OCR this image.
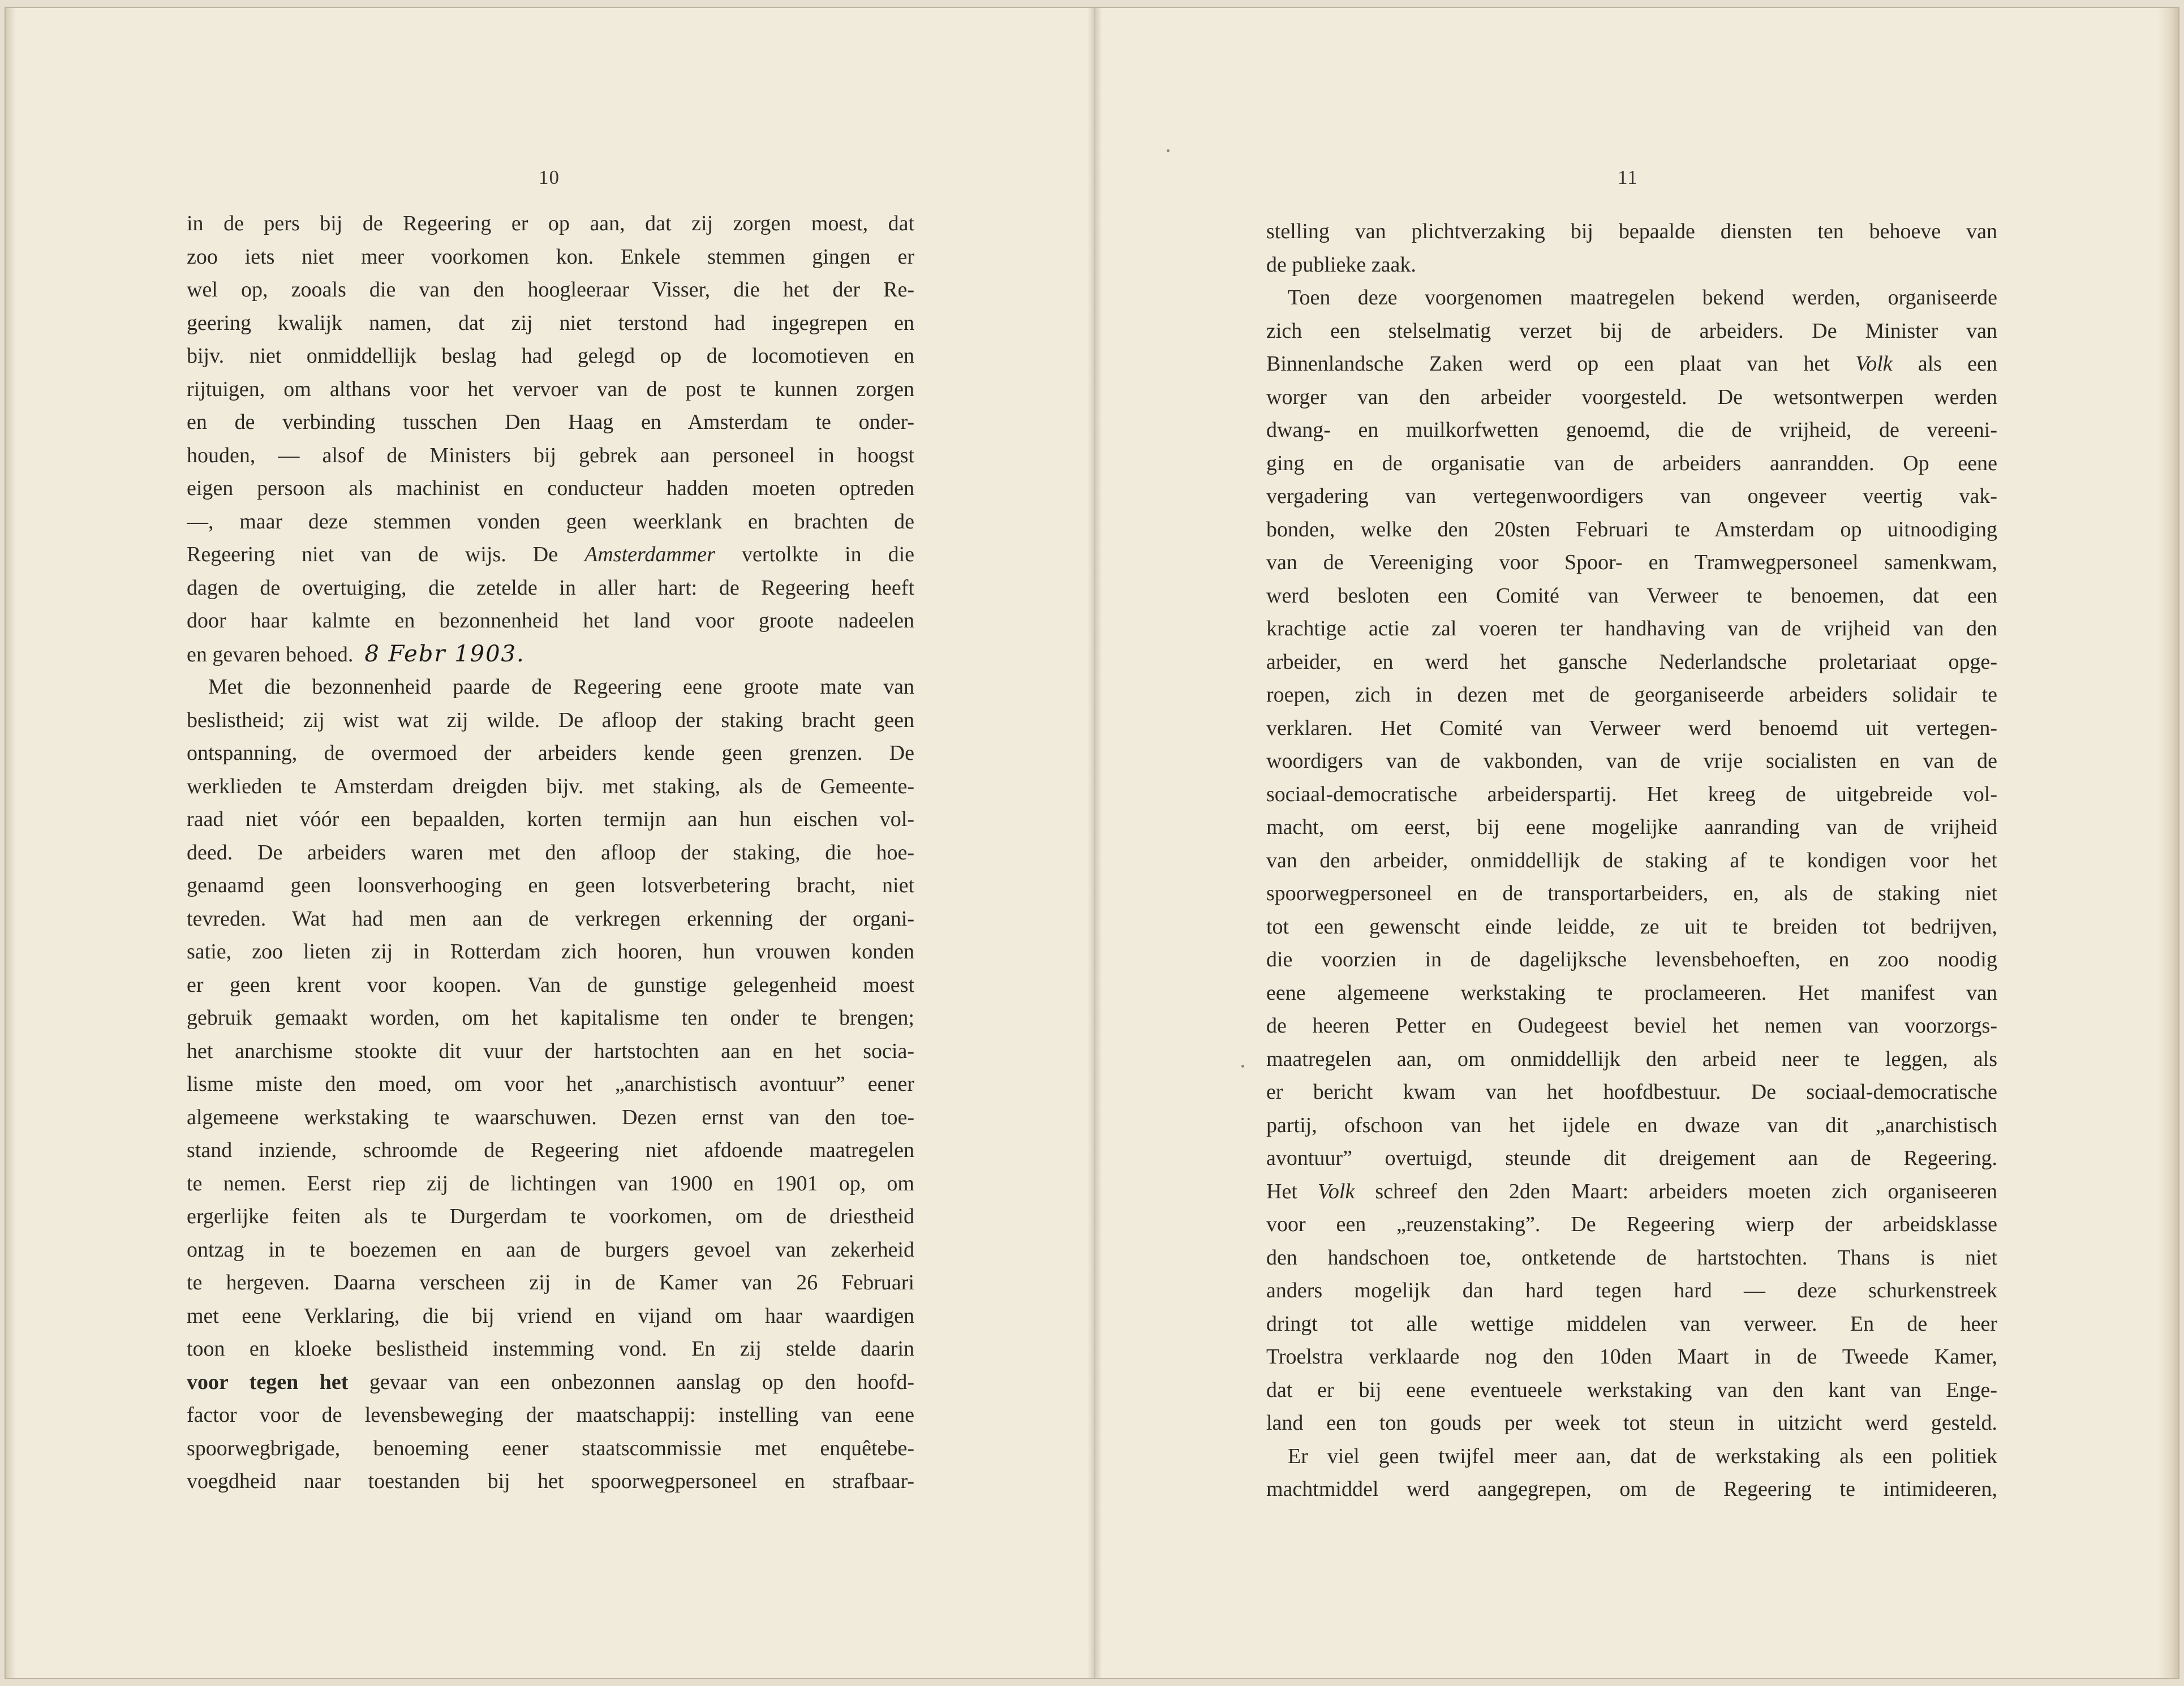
10	11
in de pers bij de Regeering er op aan, dat zij zorgen moest, dat
zoo iets niet meer voorkomen kon. Enkele stemmen gingen er
wel op, zooals die van den hoogleeraar Visser, die het der Re-
geering kwalijk namen, dat zij niet terstond had ingegrepen en
bijv. niet onmiddellijk beslag had gelegd op de locomotieven en
rijtuigen, om althans voor het vervoer van de post te kunnen zorgen
en de verbinding tusschen Den Haag en Amsterdam te onder-
houden, — alsof de Ministers bij gebrek aan personeel in hoogst
eigen persoon als machinist en conducteur hadden moeten optreden
—, maar deze stemmen vonden geen weerklank en brachten de
Regeering niet van de wijs. De Amsterdammer vertolkte in die
dagen de overtuiging, die zetelde in aller hart: de Regeering heeft
door haar kalmte en bezonnenheid het land voor groote nadeelen
en gevaren behoed. 8 Febr 1903.
Met die bezonnenheid paarde de Regeering eene groote mate van
beslistheid; zij wist wat zij wilde. De afloop der staking bracht geen
ontspanning, de overmoed der arbeiders kende geen grenzen. De
werklieden te Amsterdam dreigden bijv. met staking, als de Gemeente-
raad niet vóór een bepaalden, korten termijn aan hun eischen vol-
deed. De arbeiders waren met den afloop der staking, die hoe-
genaamd geen loonsverhooging en geen lotsverbetering bracht, niet
tevreden. Wat had men aan de verkregen erkenning der organi-
satie, zoo lieten zij in Rotterdam zich hooren, hun vrouwen konden
er geen krent voor koopen. Van de gunstige gelegenheid moest
gebruik gemaakt worden, om het kapitalisme ten onder te brengen;
het anarchisme stookte dit vuur der hartstochten aan en het socia-
lisme miste den moed, om voor het „anarchistisch avontuur” eener
algemeene werkstaking te waarschuwen. Dezen ernst van den toe-
stand inziende, schroomde de Regeering niet afdoende maatregelen
te nemen. Eerst riep zij de lichtingen van 1900 en 1901 op, om
ergerlijke feiten als te Durgerdam te voorkomen, om de driestheid
ontzag in te boezemen en aan de burgers gevoel van zekerheid
te hergeven. Daarna verscheen zij in de Kamer van 26 Februari
met eene Verklaring, die bij vriend en vijand om haar waardigen
toon en kloeke beslistheid instemming vond. En zij stelde daarin
voor tegen het gevaar van een onbezonnen aanslag op den hoofd-
factor voor de levensbeweging der maatschappij: instelling van eene
spoorwegbrigade, benoeming eener staatscommissie met enquêtebe-
voegdheid naar toestanden bij het spoorwegpersoneel en strafbaar-
stelling van plichtverzaking bij bepaalde diensten ten behoeve van
de publieke zaak.
Toen deze voorgenomen maatregelen bekend werden, organiseerde
zich een stelselmatig verzet bij de arbeiders. De Minister van
Binnenlandsche Zaken werd op een plaat van het Volk als een
worger van den arbeider voorgesteld. De wetsontwerpen werden
dwang- en muilkorfwetten genoemd, die de vrijheid, de vereeni-
ging en de organisatie van de arbeiders aanrandden. Op eene
vergadering van vertegenwoordigers van ongeveer veertig vak-
bonden, welke den 20sten Februari te Amsterdam op uitnoodiging
van de Vereeniging voor Spoor- en Tramwegpersoneel samenkwam,
werd besloten een Comité van Verweer te benoemen, dat een
krachtige actie zal voeren ter handhaving van de vrijheid van den
arbeider, en werd het gansche Nederlandsche proletariaat opge-
roepen, zich in dezen met de georganiseerde arbeiders solidair te
verklaren. Het Comité van Verweer werd benoemd uit vertegen-
woordigers van de vakbonden, van de vrije socialisten en van de
sociaal-democratische arbeiderspartij. Het kreeg de uitgebreide vol-
macht, om eerst, bij eene mogelijke aanranding van de vrijheid
van den arbeider, onmiddellijk de staking af te kondigen voor het
spoorwegpersoneel en de transportarbeiders, en, als de staking niet
tot een gewenscht einde leidde, ze uit te breiden tot bedrijven,
die voorzien in de dagelijksche levensbehoeften, en zoo noodig
eene algemeene werkstaking te proclameeren. Het manifest van
de heeren Petter en Oudegeest beviel het nemen van voorzorgs-
maatregelen aan, om onmiddellijk den arbeid neer te leggen, als
er bericht kwam van het hoofdbestuur. De sociaal-democratische
partij, ofschoon van het ijdele en dwaze van dit „anarchistisch
avontuur” overtuigd, steunde dit dreigement aan de Regeering.
Het Volk schreef den 2den Maart: arbeiders moeten zich organiseeren
voor een „reuzenstaking”. De Regeering wierp der arbeidsklasse
den handschoen toe, ontketende de hartstochten. Thans is niet
anders mogelijk dan hard tegen hard — deze schurkenstreek
dringt tot alle wettige middelen van verweer. En de heer
Troelstra verklaarde nog den 10den Maart in de Tweede Kamer,
dat er bij eene eventueele werkstaking van den kant van Enge-
land een ton gouds per week tot steun in uitzicht werd gesteld.
Er viel geen twijfel meer aan, dat de werkstaking als een politiek
machtmiddel werd aangegrepen, om de Regeering te intimideeren,
